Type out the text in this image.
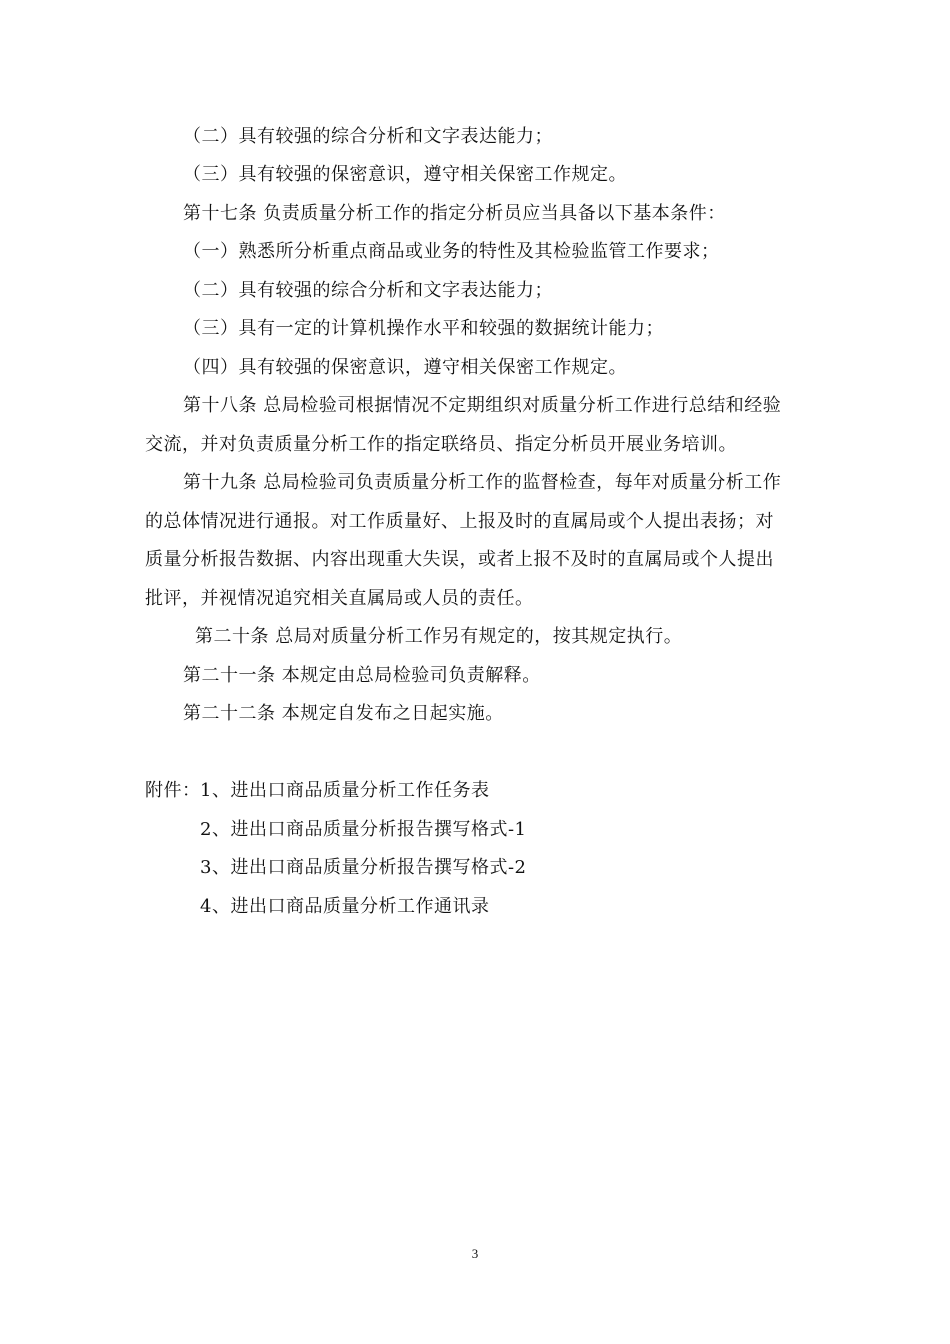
（二）具有较强的综合分析和文字表达能力；
（三）具有较强的保密意识，遵守相关保密工作规定。
第十七条 负责质量分析工作的指定分析员应当具备以下基本条件：
（一）熟悉所分析重点商品或业务的特性及其检验监管工作要求；
（二）具有较强的综合分析和文字表达能力；
（三）具有一定的计算机操作水平和较强的数据统计能力；
（四）具有较强的保密意识，遵守相关保密工作规定。
第十八条 总局检验司根据情况不定期组织对质量分析工作进行总结和经验
交流，并对负责质量分析工作的指定联络员、指定分析员开展业务培训。
第十九条 总局检验司负责质量分析工作的监督检查，每年对质量分析工作
的总体情况进行通报。对工作质量好、上报及时的直属局或个人提出表扬；对
质量分析报告数据、内容出现重大失误，或者上报不及时的直属局或个人提出
批评，并视情况追究相关直属局或人员的责任。
第二十条 总局对质量分析工作另有规定的，按其规定执行。
第二十一条 本规定由总局检验司负责解释。
第二十二条 本规定自发布之日起实施。
附件： 1、进出口商品质量分析工作任务表
2、进出口商品质量分析报告撰写格式-1
3、进出口商品质量分析报告撰写格式-2
4、进出口商品质量分析工作通讯录
3
